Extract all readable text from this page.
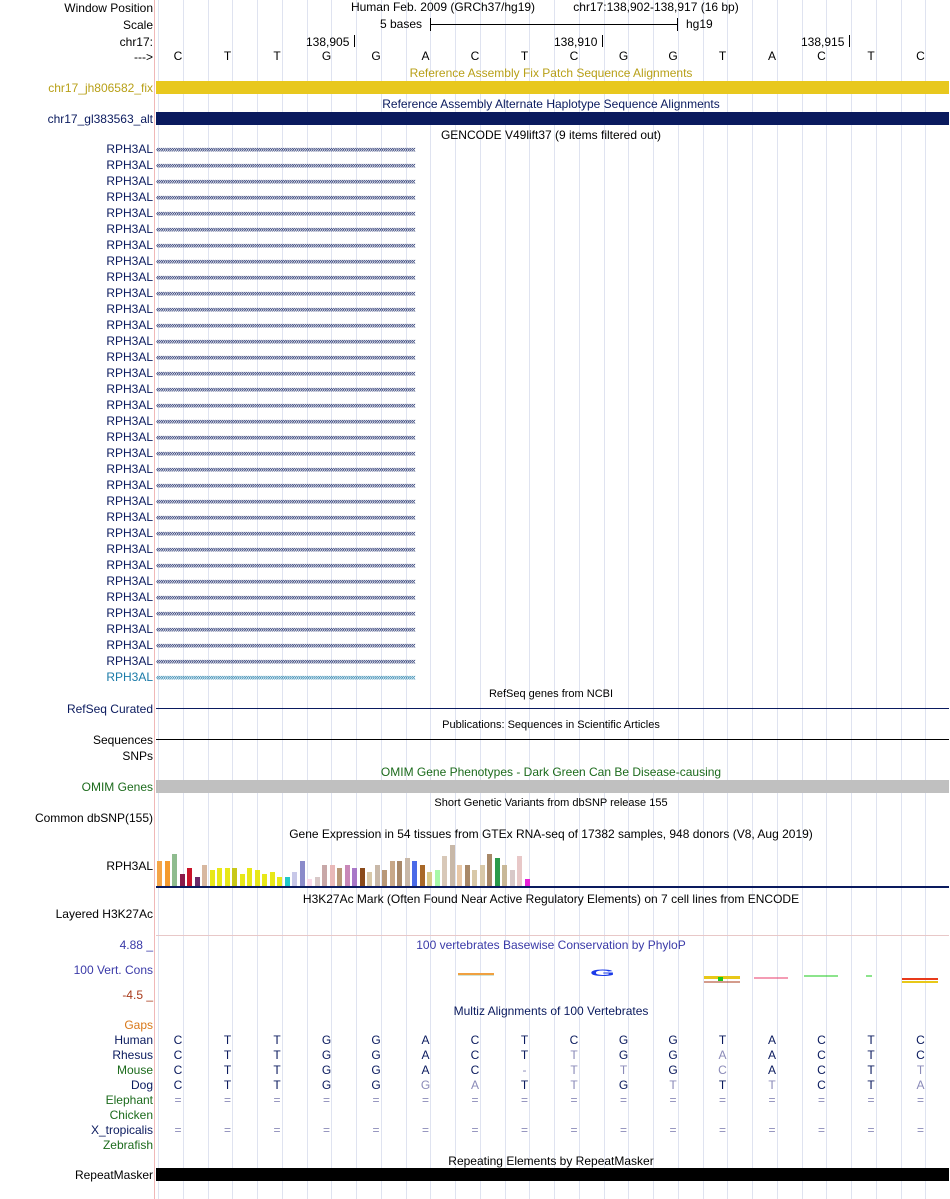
Window Position	Human Feb. 2009 (GRCh37/hg19)	chr17:138,902-138,917 (16 bp)
Scale	5 bases	hg19
chr17:	138,905	138,910	138,915
--->	C	T	T	G	G	A	C	T	C	G	G	T	A	C	T	C
Reference Assembly Fix Patch Sequence Alignments
chr17_jh806582_fix
Reference Assembly Alternate Haplotype Sequence Alignments
chr17_gl383563_alt
GENCODE V49lift37 (9 items filtered out)
RPH3AL ‹‹‹‹‹‹‹‹‹‹‹‹‹‹‹‹‹‹‹‹‹‹‹‹‹‹‹‹‹‹‹‹‹‹‹‹‹‹‹‹‹‹‹‹‹‹‹‹‹‹‹‹‹‹‹‹‹‹‹‹‹‹‹‹‹‹‹‹‹‹‹‹‹‹‹‹‹‹‹‹‹‹‹‹‹‹‹‹‹‹‹‹‹‹‹‹‹‹‹‹‹‹‹‹‹‹‹‹‹‹‹‹‹‹‹‹‹‹‹‹‹‹‹‹‹‹‹‹‹‹‹‹‹‹‹‹‹‹‹‹
RPH3AL ‹‹‹‹‹‹‹‹‹‹‹‹‹‹‹‹‹‹‹‹‹‹‹‹‹‹‹‹‹‹‹‹‹‹‹‹‹‹‹‹‹‹‹‹‹‹‹‹‹‹‹‹‹‹‹‹‹‹‹‹‹‹‹‹‹‹‹‹‹‹‹‹‹‹‹‹‹‹‹‹‹‹‹‹‹‹‹‹‹‹‹‹‹‹‹‹‹‹‹‹‹‹‹‹‹‹‹‹‹‹‹‹‹‹‹‹‹‹‹‹‹‹‹‹‹‹‹‹‹‹‹‹‹‹‹‹‹‹‹‹
RPH3AL ‹‹‹‹‹‹‹‹‹‹‹‹‹‹‹‹‹‹‹‹‹‹‹‹‹‹‹‹‹‹‹‹‹‹‹‹‹‹‹‹‹‹‹‹‹‹‹‹‹‹‹‹‹‹‹‹‹‹‹‹‹‹‹‹‹‹‹‹‹‹‹‹‹‹‹‹‹‹‹‹‹‹‹‹‹‹‹‹‹‹‹‹‹‹‹‹‹‹‹‹‹‹‹‹‹‹‹‹‹‹‹‹‹‹‹‹‹‹‹‹‹‹‹‹‹‹‹‹‹‹‹‹‹‹‹‹‹‹‹‹
RPH3AL ‹‹‹‹‹‹‹‹‹‹‹‹‹‹‹‹‹‹‹‹‹‹‹‹‹‹‹‹‹‹‹‹‹‹‹‹‹‹‹‹‹‹‹‹‹‹‹‹‹‹‹‹‹‹‹‹‹‹‹‹‹‹‹‹‹‹‹‹‹‹‹‹‹‹‹‹‹‹‹‹‹‹‹‹‹‹‹‹‹‹‹‹‹‹‹‹‹‹‹‹‹‹‹‹‹‹‹‹‹‹‹‹‹‹‹‹‹‹‹‹‹‹‹‹‹‹‹‹‹‹‹‹‹‹‹‹‹‹‹‹
RPH3AL ‹‹‹‹‹‹‹‹‹‹‹‹‹‹‹‹‹‹‹‹‹‹‹‹‹‹‹‹‹‹‹‹‹‹‹‹‹‹‹‹‹‹‹‹‹‹‹‹‹‹‹‹‹‹‹‹‹‹‹‹‹‹‹‹‹‹‹‹‹‹‹‹‹‹‹‹‹‹‹‹‹‹‹‹‹‹‹‹‹‹‹‹‹‹‹‹‹‹‹‹‹‹‹‹‹‹‹‹‹‹‹‹‹‹‹‹‹‹‹‹‹‹‹‹‹‹‹‹‹‹‹‹‹‹‹‹‹‹‹‹
RPH3AL ‹‹‹‹‹‹‹‹‹‹‹‹‹‹‹‹‹‹‹‹‹‹‹‹‹‹‹‹‹‹‹‹‹‹‹‹‹‹‹‹‹‹‹‹‹‹‹‹‹‹‹‹‹‹‹‹‹‹‹‹‹‹‹‹‹‹‹‹‹‹‹‹‹‹‹‹‹‹‹‹‹‹‹‹‹‹‹‹‹‹‹‹‹‹‹‹‹‹‹‹‹‹‹‹‹‹‹‹‹‹‹‹‹‹‹‹‹‹‹‹‹‹‹‹‹‹‹‹‹‹‹‹‹‹‹‹‹‹‹‹
RPH3AL ‹‹‹‹‹‹‹‹‹‹‹‹‹‹‹‹‹‹‹‹‹‹‹‹‹‹‹‹‹‹‹‹‹‹‹‹‹‹‹‹‹‹‹‹‹‹‹‹‹‹‹‹‹‹‹‹‹‹‹‹‹‹‹‹‹‹‹‹‹‹‹‹‹‹‹‹‹‹‹‹‹‹‹‹‹‹‹‹‹‹‹‹‹‹‹‹‹‹‹‹‹‹‹‹‹‹‹‹‹‹‹‹‹‹‹‹‹‹‹‹‹‹‹‹‹‹‹‹‹‹‹‹‹‹‹‹‹‹‹‹
RPH3AL ‹‹‹‹‹‹‹‹‹‹‹‹‹‹‹‹‹‹‹‹‹‹‹‹‹‹‹‹‹‹‹‹‹‹‹‹‹‹‹‹‹‹‹‹‹‹‹‹‹‹‹‹‹‹‹‹‹‹‹‹‹‹‹‹‹‹‹‹‹‹‹‹‹‹‹‹‹‹‹‹‹‹‹‹‹‹‹‹‹‹‹‹‹‹‹‹‹‹‹‹‹‹‹‹‹‹‹‹‹‹‹‹‹‹‹‹‹‹‹‹‹‹‹‹‹‹‹‹‹‹‹‹‹‹‹‹‹‹‹‹
RPH3AL ‹‹‹‹‹‹‹‹‹‹‹‹‹‹‹‹‹‹‹‹‹‹‹‹‹‹‹‹‹‹‹‹‹‹‹‹‹‹‹‹‹‹‹‹‹‹‹‹‹‹‹‹‹‹‹‹‹‹‹‹‹‹‹‹‹‹‹‹‹‹‹‹‹‹‹‹‹‹‹‹‹‹‹‹‹‹‹‹‹‹‹‹‹‹‹‹‹‹‹‹‹‹‹‹‹‹‹‹‹‹‹‹‹‹‹‹‹‹‹‹‹‹‹‹‹‹‹‹‹‹‹‹‹‹‹‹‹‹‹‹
RPH3AL ‹‹‹‹‹‹‹‹‹‹‹‹‹‹‹‹‹‹‹‹‹‹‹‹‹‹‹‹‹‹‹‹‹‹‹‹‹‹‹‹‹‹‹‹‹‹‹‹‹‹‹‹‹‹‹‹‹‹‹‹‹‹‹‹‹‹‹‹‹‹‹‹‹‹‹‹‹‹‹‹‹‹‹‹‹‹‹‹‹‹‹‹‹‹‹‹‹‹‹‹‹‹‹‹‹‹‹‹‹‹‹‹‹‹‹‹‹‹‹‹‹‹‹‹‹‹‹‹‹‹‹‹‹‹‹‹‹‹‹‹
RPH3AL ‹‹‹‹‹‹‹‹‹‹‹‹‹‹‹‹‹‹‹‹‹‹‹‹‹‹‹‹‹‹‹‹‹‹‹‹‹‹‹‹‹‹‹‹‹‹‹‹‹‹‹‹‹‹‹‹‹‹‹‹‹‹‹‹‹‹‹‹‹‹‹‹‹‹‹‹‹‹‹‹‹‹‹‹‹‹‹‹‹‹‹‹‹‹‹‹‹‹‹‹‹‹‹‹‹‹‹‹‹‹‹‹‹‹‹‹‹‹‹‹‹‹‹‹‹‹‹‹‹‹‹‹‹‹‹‹‹‹‹‹
RPH3AL ‹‹‹‹‹‹‹‹‹‹‹‹‹‹‹‹‹‹‹‹‹‹‹‹‹‹‹‹‹‹‹‹‹‹‹‹‹‹‹‹‹‹‹‹‹‹‹‹‹‹‹‹‹‹‹‹‹‹‹‹‹‹‹‹‹‹‹‹‹‹‹‹‹‹‹‹‹‹‹‹‹‹‹‹‹‹‹‹‹‹‹‹‹‹‹‹‹‹‹‹‹‹‹‹‹‹‹‹‹‹‹‹‹‹‹‹‹‹‹‹‹‹‹‹‹‹‹‹‹‹‹‹‹‹‹‹‹‹‹‹
RPH3AL ‹‹‹‹‹‹‹‹‹‹‹‹‹‹‹‹‹‹‹‹‹‹‹‹‹‹‹‹‹‹‹‹‹‹‹‹‹‹‹‹‹‹‹‹‹‹‹‹‹‹‹‹‹‹‹‹‹‹‹‹‹‹‹‹‹‹‹‹‹‹‹‹‹‹‹‹‹‹‹‹‹‹‹‹‹‹‹‹‹‹‹‹‹‹‹‹‹‹‹‹‹‹‹‹‹‹‹‹‹‹‹‹‹‹‹‹‹‹‹‹‹‹‹‹‹‹‹‹‹‹‹‹‹‹‹‹‹‹‹‹
RPH3AL ‹‹‹‹‹‹‹‹‹‹‹‹‹‹‹‹‹‹‹‹‹‹‹‹‹‹‹‹‹‹‹‹‹‹‹‹‹‹‹‹‹‹‹‹‹‹‹‹‹‹‹‹‹‹‹‹‹‹‹‹‹‹‹‹‹‹‹‹‹‹‹‹‹‹‹‹‹‹‹‹‹‹‹‹‹‹‹‹‹‹‹‹‹‹‹‹‹‹‹‹‹‹‹‹‹‹‹‹‹‹‹‹‹‹‹‹‹‹‹‹‹‹‹‹‹‹‹‹‹‹‹‹‹‹‹‹‹‹‹‹
RPH3AL ‹‹‹‹‹‹‹‹‹‹‹‹‹‹‹‹‹‹‹‹‹‹‹‹‹‹‹‹‹‹‹‹‹‹‹‹‹‹‹‹‹‹‹‹‹‹‹‹‹‹‹‹‹‹‹‹‹‹‹‹‹‹‹‹‹‹‹‹‹‹‹‹‹‹‹‹‹‹‹‹‹‹‹‹‹‹‹‹‹‹‹‹‹‹‹‹‹‹‹‹‹‹‹‹‹‹‹‹‹‹‹‹‹‹‹‹‹‹‹‹‹‹‹‹‹‹‹‹‹‹‹‹‹‹‹‹‹‹‹‹
RPH3AL ‹‹‹‹‹‹‹‹‹‹‹‹‹‹‹‹‹‹‹‹‹‹‹‹‹‹‹‹‹‹‹‹‹‹‹‹‹‹‹‹‹‹‹‹‹‹‹‹‹‹‹‹‹‹‹‹‹‹‹‹‹‹‹‹‹‹‹‹‹‹‹‹‹‹‹‹‹‹‹‹‹‹‹‹‹‹‹‹‹‹‹‹‹‹‹‹‹‹‹‹‹‹‹‹‹‹‹‹‹‹‹‹‹‹‹‹‹‹‹‹‹‹‹‹‹‹‹‹‹‹‹‹‹‹‹‹‹‹‹‹
RPH3AL ‹‹‹‹‹‹‹‹‹‹‹‹‹‹‹‹‹‹‹‹‹‹‹‹‹‹‹‹‹‹‹‹‹‹‹‹‹‹‹‹‹‹‹‹‹‹‹‹‹‹‹‹‹‹‹‹‹‹‹‹‹‹‹‹‹‹‹‹‹‹‹‹‹‹‹‹‹‹‹‹‹‹‹‹‹‹‹‹‹‹‹‹‹‹‹‹‹‹‹‹‹‹‹‹‹‹‹‹‹‹‹‹‹‹‹‹‹‹‹‹‹‹‹‹‹‹‹‹‹‹‹‹‹‹‹‹‹‹‹‹
RPH3AL ‹‹‹‹‹‹‹‹‹‹‹‹‹‹‹‹‹‹‹‹‹‹‹‹‹‹‹‹‹‹‹‹‹‹‹‹‹‹‹‹‹‹‹‹‹‹‹‹‹‹‹‹‹‹‹‹‹‹‹‹‹‹‹‹‹‹‹‹‹‹‹‹‹‹‹‹‹‹‹‹‹‹‹‹‹‹‹‹‹‹‹‹‹‹‹‹‹‹‹‹‹‹‹‹‹‹‹‹‹‹‹‹‹‹‹‹‹‹‹‹‹‹‹‹‹‹‹‹‹‹‹‹‹‹‹‹‹‹‹‹
RPH3AL ‹‹‹‹‹‹‹‹‹‹‹‹‹‹‹‹‹‹‹‹‹‹‹‹‹‹‹‹‹‹‹‹‹‹‹‹‹‹‹‹‹‹‹‹‹‹‹‹‹‹‹‹‹‹‹‹‹‹‹‹‹‹‹‹‹‹‹‹‹‹‹‹‹‹‹‹‹‹‹‹‹‹‹‹‹‹‹‹‹‹‹‹‹‹‹‹‹‹‹‹‹‹‹‹‹‹‹‹‹‹‹‹‹‹‹‹‹‹‹‹‹‹‹‹‹‹‹‹‹‹‹‹‹‹‹‹‹‹‹‹
RPH3AL ‹‹‹‹‹‹‹‹‹‹‹‹‹‹‹‹‹‹‹‹‹‹‹‹‹‹‹‹‹‹‹‹‹‹‹‹‹‹‹‹‹‹‹‹‹‹‹‹‹‹‹‹‹‹‹‹‹‹‹‹‹‹‹‹‹‹‹‹‹‹‹‹‹‹‹‹‹‹‹‹‹‹‹‹‹‹‹‹‹‹‹‹‹‹‹‹‹‹‹‹‹‹‹‹‹‹‹‹‹‹‹‹‹‹‹‹‹‹‹‹‹‹‹‹‹‹‹‹‹‹‹‹‹‹‹‹‹‹‹‹
RPH3AL ‹‹‹‹‹‹‹‹‹‹‹‹‹‹‹‹‹‹‹‹‹‹‹‹‹‹‹‹‹‹‹‹‹‹‹‹‹‹‹‹‹‹‹‹‹‹‹‹‹‹‹‹‹‹‹‹‹‹‹‹‹‹‹‹‹‹‹‹‹‹‹‹‹‹‹‹‹‹‹‹‹‹‹‹‹‹‹‹‹‹‹‹‹‹‹‹‹‹‹‹‹‹‹‹‹‹‹‹‹‹‹‹‹‹‹‹‹‹‹‹‹‹‹‹‹‹‹‹‹‹‹‹‹‹‹‹‹‹‹‹
RPH3AL ‹‹‹‹‹‹‹‹‹‹‹‹‹‹‹‹‹‹‹‹‹‹‹‹‹‹‹‹‹‹‹‹‹‹‹‹‹‹‹‹‹‹‹‹‹‹‹‹‹‹‹‹‹‹‹‹‹‹‹‹‹‹‹‹‹‹‹‹‹‹‹‹‹‹‹‹‹‹‹‹‹‹‹‹‹‹‹‹‹‹‹‹‹‹‹‹‹‹‹‹‹‹‹‹‹‹‹‹‹‹‹‹‹‹‹‹‹‹‹‹‹‹‹‹‹‹‹‹‹‹‹‹‹‹‹‹‹‹‹‹
RPH3AL ‹‹‹‹‹‹‹‹‹‹‹‹‹‹‹‹‹‹‹‹‹‹‹‹‹‹‹‹‹‹‹‹‹‹‹‹‹‹‹‹‹‹‹‹‹‹‹‹‹‹‹‹‹‹‹‹‹‹‹‹‹‹‹‹‹‹‹‹‹‹‹‹‹‹‹‹‹‹‹‹‹‹‹‹‹‹‹‹‹‹‹‹‹‹‹‹‹‹‹‹‹‹‹‹‹‹‹‹‹‹‹‹‹‹‹‹‹‹‹‹‹‹‹‹‹‹‹‹‹‹‹‹‹‹‹‹‹‹‹‹
RPH3AL ‹‹‹‹‹‹‹‹‹‹‹‹‹‹‹‹‹‹‹‹‹‹‹‹‹‹‹‹‹‹‹‹‹‹‹‹‹‹‹‹‹‹‹‹‹‹‹‹‹‹‹‹‹‹‹‹‹‹‹‹‹‹‹‹‹‹‹‹‹‹‹‹‹‹‹‹‹‹‹‹‹‹‹‹‹‹‹‹‹‹‹‹‹‹‹‹‹‹‹‹‹‹‹‹‹‹‹‹‹‹‹‹‹‹‹‹‹‹‹‹‹‹‹‹‹‹‹‹‹‹‹‹‹‹‹‹‹‹‹‹
RPH3AL ‹‹‹‹‹‹‹‹‹‹‹‹‹‹‹‹‹‹‹‹‹‹‹‹‹‹‹‹‹‹‹‹‹‹‹‹‹‹‹‹‹‹‹‹‹‹‹‹‹‹‹‹‹‹‹‹‹‹‹‹‹‹‹‹‹‹‹‹‹‹‹‹‹‹‹‹‹‹‹‹‹‹‹‹‹‹‹‹‹‹‹‹‹‹‹‹‹‹‹‹‹‹‹‹‹‹‹‹‹‹‹‹‹‹‹‹‹‹‹‹‹‹‹‹‹‹‹‹‹‹‹‹‹‹‹‹‹‹‹‹
RPH3AL ‹‹‹‹‹‹‹‹‹‹‹‹‹‹‹‹‹‹‹‹‹‹‹‹‹‹‹‹‹‹‹‹‹‹‹‹‹‹‹‹‹‹‹‹‹‹‹‹‹‹‹‹‹‹‹‹‹‹‹‹‹‹‹‹‹‹‹‹‹‹‹‹‹‹‹‹‹‹‹‹‹‹‹‹‹‹‹‹‹‹‹‹‹‹‹‹‹‹‹‹‹‹‹‹‹‹‹‹‹‹‹‹‹‹‹‹‹‹‹‹‹‹‹‹‹‹‹‹‹‹‹‹‹‹‹‹‹‹‹‹
RPH3AL ‹‹‹‹‹‹‹‹‹‹‹‹‹‹‹‹‹‹‹‹‹‹‹‹‹‹‹‹‹‹‹‹‹‹‹‹‹‹‹‹‹‹‹‹‹‹‹‹‹‹‹‹‹‹‹‹‹‹‹‹‹‹‹‹‹‹‹‹‹‹‹‹‹‹‹‹‹‹‹‹‹‹‹‹‹‹‹‹‹‹‹‹‹‹‹‹‹‹‹‹‹‹‹‹‹‹‹‹‹‹‹‹‹‹‹‹‹‹‹‹‹‹‹‹‹‹‹‹‹‹‹‹‹‹‹‹‹‹‹‹
RPH3AL ‹‹‹‹‹‹‹‹‹‹‹‹‹‹‹‹‹‹‹‹‹‹‹‹‹‹‹‹‹‹‹‹‹‹‹‹‹‹‹‹‹‹‹‹‹‹‹‹‹‹‹‹‹‹‹‹‹‹‹‹‹‹‹‹‹‹‹‹‹‹‹‹‹‹‹‹‹‹‹‹‹‹‹‹‹‹‹‹‹‹‹‹‹‹‹‹‹‹‹‹‹‹‹‹‹‹‹‹‹‹‹‹‹‹‹‹‹‹‹‹‹‹‹‹‹‹‹‹‹‹‹‹‹‹‹‹‹‹‹‹
RPH3AL ‹‹‹‹‹‹‹‹‹‹‹‹‹‹‹‹‹‹‹‹‹‹‹‹‹‹‹‹‹‹‹‹‹‹‹‹‹‹‹‹‹‹‹‹‹‹‹‹‹‹‹‹‹‹‹‹‹‹‹‹‹‹‹‹‹‹‹‹‹‹‹‹‹‹‹‹‹‹‹‹‹‹‹‹‹‹‹‹‹‹‹‹‹‹‹‹‹‹‹‹‹‹‹‹‹‹‹‹‹‹‹‹‹‹‹‹‹‹‹‹‹‹‹‹‹‹‹‹‹‹‹‹‹‹‹‹‹‹‹‹
RPH3AL ‹‹‹‹‹‹‹‹‹‹‹‹‹‹‹‹‹‹‹‹‹‹‹‹‹‹‹‹‹‹‹‹‹‹‹‹‹‹‹‹‹‹‹‹‹‹‹‹‹‹‹‹‹‹‹‹‹‹‹‹‹‹‹‹‹‹‹‹‹‹‹‹‹‹‹‹‹‹‹‹‹‹‹‹‹‹‹‹‹‹‹‹‹‹‹‹‹‹‹‹‹‹‹‹‹‹‹‹‹‹‹‹‹‹‹‹‹‹‹‹‹‹‹‹‹‹‹‹‹‹‹‹‹‹‹‹‹‹‹‹
RPH3AL ‹‹‹‹‹‹‹‹‹‹‹‹‹‹‹‹‹‹‹‹‹‹‹‹‹‹‹‹‹‹‹‹‹‹‹‹‹‹‹‹‹‹‹‹‹‹‹‹‹‹‹‹‹‹‹‹‹‹‹‹‹‹‹‹‹‹‹‹‹‹‹‹‹‹‹‹‹‹‹‹‹‹‹‹‹‹‹‹‹‹‹‹‹‹‹‹‹‹‹‹‹‹‹‹‹‹‹‹‹‹‹‹‹‹‹‹‹‹‹‹‹‹‹‹‹‹‹‹‹‹‹‹‹‹‹‹‹‹‹‹
RPH3AL ‹‹‹‹‹‹‹‹‹‹‹‹‹‹‹‹‹‹‹‹‹‹‹‹‹‹‹‹‹‹‹‹‹‹‹‹‹‹‹‹‹‹‹‹‹‹‹‹‹‹‹‹‹‹‹‹‹‹‹‹‹‹‹‹‹‹‹‹‹‹‹‹‹‹‹‹‹‹‹‹‹‹‹‹‹‹‹‹‹‹‹‹‹‹‹‹‹‹‹‹‹‹‹‹‹‹‹‹‹‹‹‹‹‹‹‹‹‹‹‹‹‹‹‹‹‹‹‹‹‹‹‹‹‹‹‹‹‹‹‹
RPH3AL ‹‹‹‹‹‹‹‹‹‹‹‹‹‹‹‹‹‹‹‹‹‹‹‹‹‹‹‹‹‹‹‹‹‹‹‹‹‹‹‹‹‹‹‹‹‹‹‹‹‹‹‹‹‹‹‹‹‹‹‹‹‹‹‹‹‹‹‹‹‹‹‹‹‹‹‹‹‹‹‹‹‹‹‹‹‹‹‹‹‹‹‹‹‹‹‹‹‹‹‹‹‹‹‹‹‹‹‹‹‹‹‹‹‹‹‹‹‹‹‹‹‹‹‹‹‹‹‹‹‹‹‹‹‹‹‹‹‹‹‹
RPH3AL ‹‹‹‹‹‹‹‹‹‹‹‹‹‹‹‹‹‹‹‹‹‹‹‹‹‹‹‹‹‹‹‹‹‹‹‹‹‹‹‹‹‹‹‹‹‹‹‹‹‹‹‹‹‹‹‹‹‹‹‹‹‹‹‹‹‹‹‹‹‹‹‹‹‹‹‹‹‹‹‹‹‹‹‹‹‹‹‹‹‹‹‹‹‹‹‹‹‹‹‹‹‹‹‹‹‹‹‹‹‹‹‹‹‹‹‹‹‹‹‹‹‹‹‹‹‹‹‹‹‹‹‹‹‹‹‹‹‹‹‹
RefSeq genes from NCBI
RefSeq Curated
Publications: Sequences in Scientific Articles
Sequences
SNPs
OMIM Gene Phenotypes - Dark Green Can Be Disease-causing
OMIM Genes
Short Genetic Variants from dbSNP release 155
Common dbSNP(155)
Gene Expression in 54 tissues from GTEx RNA-seq of 17382 samples, 948 donors (V8, Aug 2019)
RPH3AL
H3K27Ac Mark (Often Found Near Active Regulatory Elements) on 7 cell lines from ENCODE
Layered H3K27Ac
4.88 _	100 vertebrates Basewise Conservation by PhyloP
100 Vert. Cons
-4.5 _
G
Multiz Alignments of 100 Vertebrates
Gaps
Human	C	T	T	G	G	A	C	T	C	G	G	T	A	C	T	C
Rhesus	C	T	T	G	G	A	C	T	T	G	G	A	A	C	T	C
Mouse	C	T	T	G	G	A	C	-	T	T	G	C	A	C	T	T
Dog	C	T	T	G	G	G	A	T	T	G	T	T	T	C	T	A
Elephant	=	=	=	=	=	=	=	=	=	=	=	=	=	=	=	=
Chicken
X_tropicalis	=	=	=	=	=	=	=	=	=	=	=	=	=	=	=	=
Zebrafish
Repeating Elements by RepeatMasker
RepeatMasker
